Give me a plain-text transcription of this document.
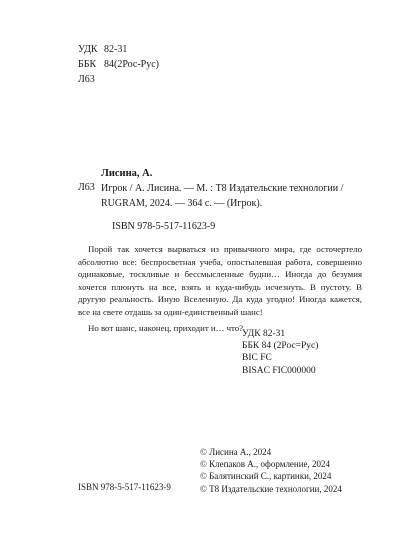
УДК 82-31
ББК 84(2Рос-Рус)
Л63
Лисина, А.
Л63 Игрок / А. Лисина. — М. : Т8 Издательские технологии /
RUGRAM, 2024. — 364 с. — (Игрок).
ISBN 978-5-517-11623-9

Порой так хочется вырваться из привычного мира, где осточертело абсолютно все: беспросветная учеба, опостылевшая работа, совершенно одинаковые, тоскливые и бессмысленные будни… Иногда до безумия хочется плюнуть на все, взять и куда-нибудь исчезнуть. В пустоту. В другую реальность. Иную Вселенную. Да куда угодно! Иногда кажется, все на свете отдашь за один-единственный шанс!

Но вот шанс, наконец, приходит и… что?

УДК 82-31
ББК 84 (2Рос=Рус)
BIC FC
BISAC FIC000000
© Лисина А., 2024
© Клепаков А., оформление, 2024
© Балятинский С., картинки, 2024
© Т8 Издательские технологии, 2024
ISBN 978-5-517-11623-9
